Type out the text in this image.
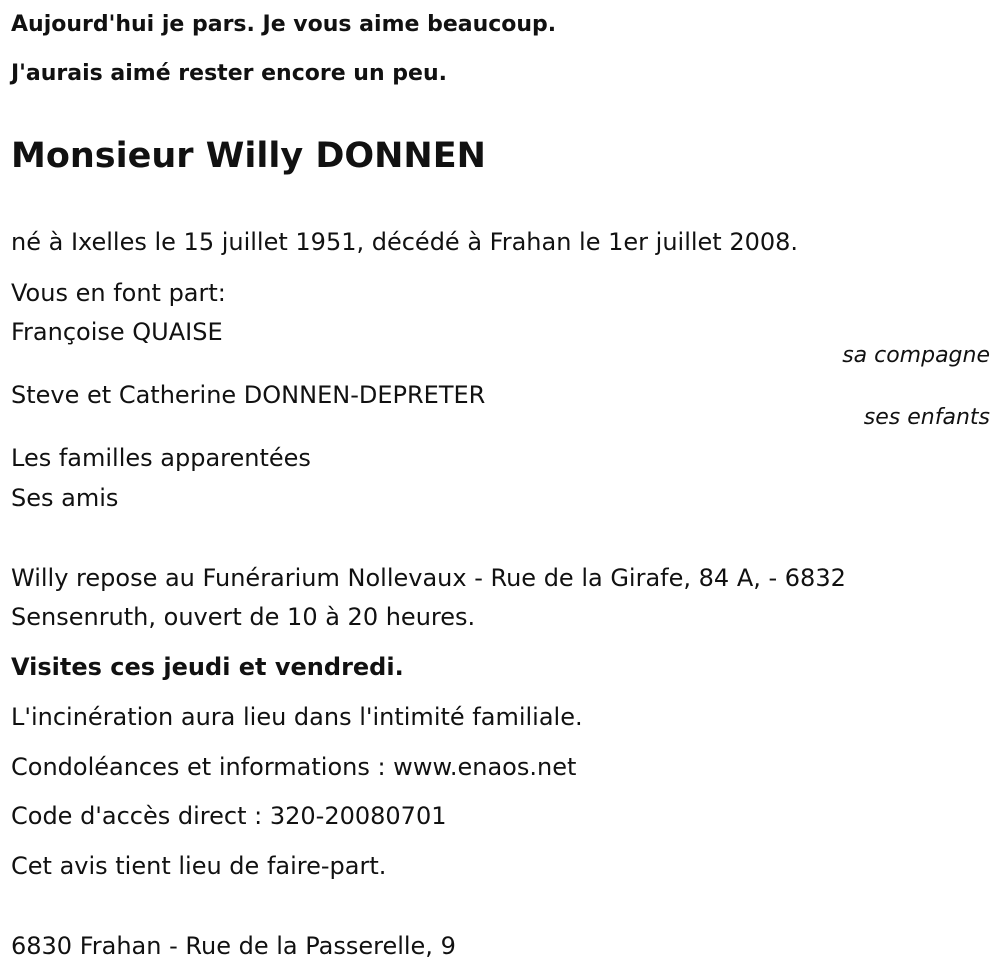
Aujourd'hui je pars. Je vous aime beaucoup.
J'aurais aimé rester encore un peu.
Monsieur Willy DONNEN
né à Ixelles le 15 juillet 1951, décédé à Frahan le 1er juillet 2008.
Vous en font part:
Françoise QUAISE
sa compagne
Steve et Catherine DONNEN-DEPRETER
ses enfants
Les familles apparentées
Ses amis
Willy repose au Funérarium Nollevaux - Rue de la Girafe, 84 A, - 6832
Sensenruth, ouvert de 10 à 20 heures.
Visites ces jeudi et vendredi.
L'incinération aura lieu dans l'intimité familiale.
Condoléances et informations : www.enaos.net
Code d'accès direct : 320-20080701
Cet avis tient lieu de faire-part.
6830 Frahan - Rue de la Passerelle, 9
